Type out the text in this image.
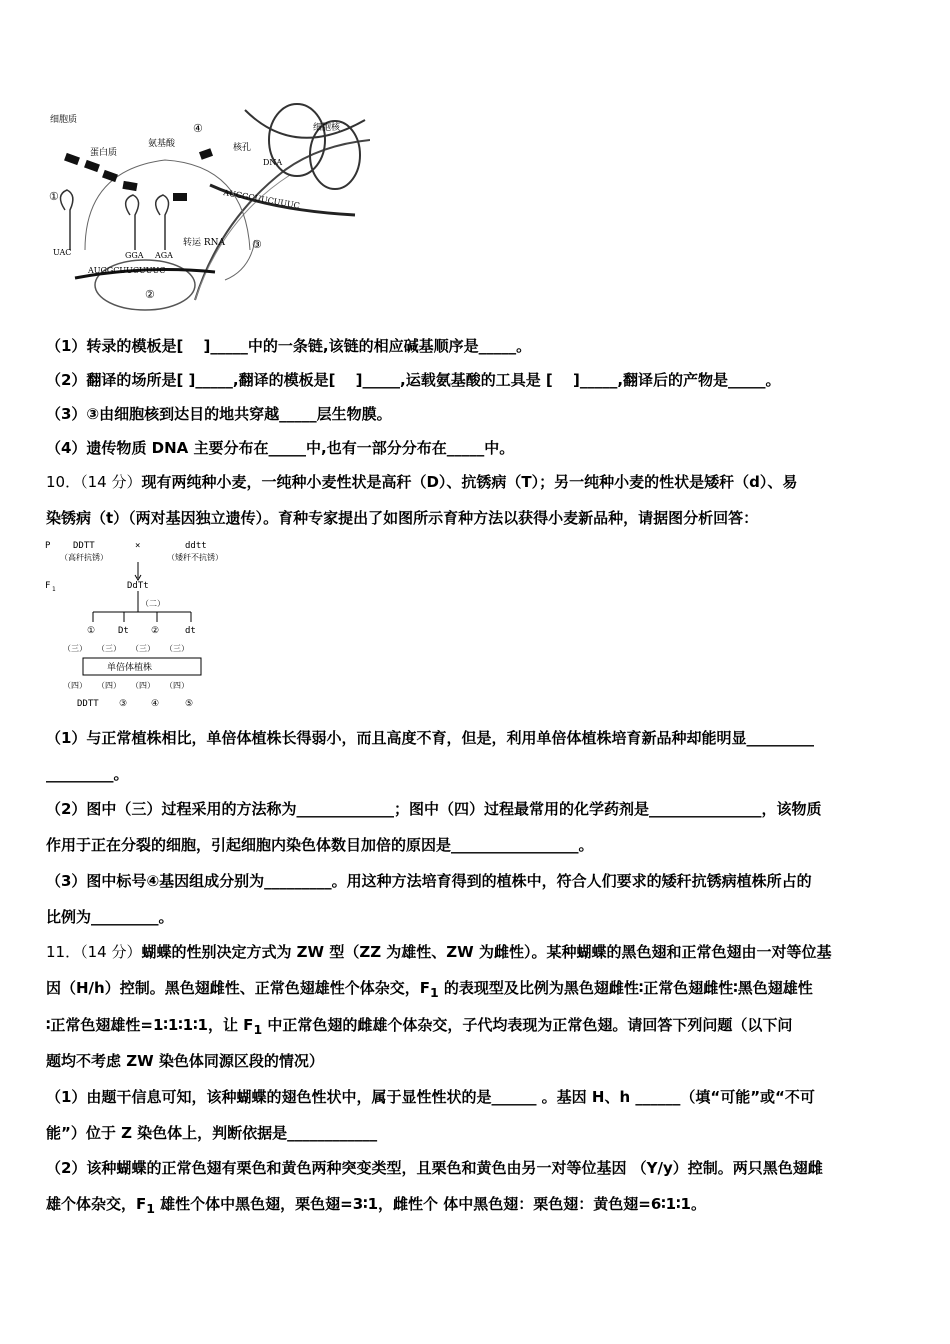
细胞质
蛋白质
氨基酸
细胞核
核孔
DNA
转运 RNA
AUGGCUUCUUUC
AUGGCUUCUUUC
UAC	GGA AGA
①
②
③
④
（1）转录的模板是[　 ]_____中的一条链,该链的相应碱基顺序是_____。
（2）翻译的场所是[ ]_____,翻译的模板是[　 ]_____,运载氨基酸的工具是 [　 ]_____,翻译后的产物是_____。
（3）③由细胞核到达目的地共穿越_____层生物膜。
（4）遗传物质 DNA 主要分布在_____中,也有一部分分布在_____中。
10．（14 分）现有两纯种小麦，一纯种小麦性状是高秆（D）、抗锈病（T）；另一纯种小麦的性状是矮秆（d）、易
染锈病（t）（两对基因独立遗传）。育种专家提出了如图所示育种方法以获得小麦新品种，请据图分析回答：
P	DDTT	×	ddtt
（高秆抗锈）	（矮秆不抗锈）
F 1	DdTt
（二）
①	Dt ②	dt
（三） （三） （三） （三）
单倍体植株
（四） （四） （四） （四）
DDTT ③	④	⑤
（1）与正常植株相比，单倍体植株长得弱小，而且高度不育，但是，利用单倍体植株培育新品种却能明显_________
_________。
（2）图中（三）过程采用的方法称为_____________；图中（四）过程最常用的化学药剂是_______________，该物质
作用于正在分裂的细胞，引起细胞内染色体数目加倍的原因是_________________。
（3）图中标号④基因组成分别为_________。用这种方法培育得到的植株中，符合人们要求的矮秆抗锈病植株所占的
比例为_________。
11．（14 分）蝴蝶的性别决定方式为 ZW 型（ZZ 为雄性、ZW 为雌性）。某种蝴蝶的黑色翅和正常色翅由一对等位基
因（H/h）控制。黑色翅雌性、正常色翅雄性个体杂交，$F_1$ 的表现型及比例为黑色翅雌性∶正常色翅雌性∶黑色翅雄性
∶正常色翅雄性=1∶1∶1∶1，让 $F_1$ 中正常色翅的雌雄个体杂交，子代均表现为正常色翅。请回答下列问题（以下问
题均不考虑 ZW 染色体同源区段的情况）
（1）由题干信息可知，该种蝴蝶的翅色性状中，属于显性性状的是______ 。基因 H、h ______（填“可能”或“不可
能”）位于 Z 染色体上，判断依据是____________
（2）该种蝴蝶的正常色翅有栗色和黄色两种突变类型，且栗色和黄色由另一对等位基因 （Y/y）控制。两只黑色翅雌
雄个体杂交，$F_1$ 雄性个体中黑色翅，栗色翅=3∶1，雌性个 体中黑色翅：栗色翅：黄色翅=6∶1∶1。
